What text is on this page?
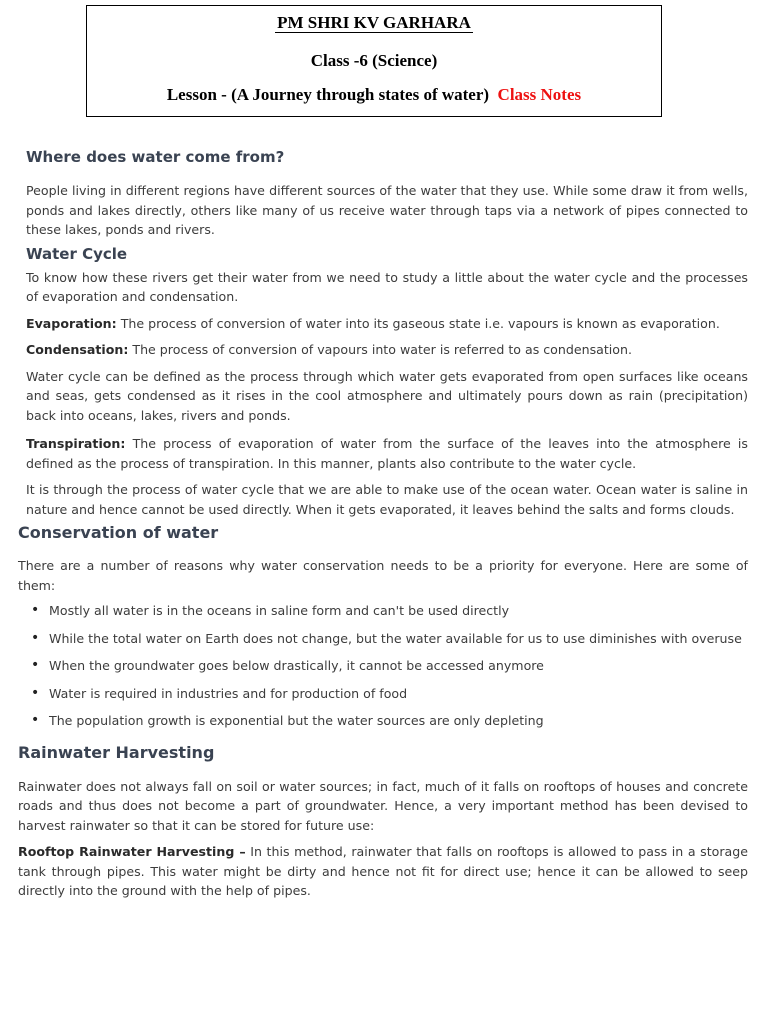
PM SHRI KV GARHARA
Class -6 (Science)
Lesson - (A Journey through states of water) Class Notes
Where does water come from?

People living in different regions have different sources of the water that they use. While some draw it from wells, ponds and lakes directly, others like many of us receive water through taps via a network of pipes connected to these lakes, ponds and rivers.

Water Cycle

To know how these rivers get their water from we need to study a little about the water cycle and the processes of evaporation and condensation.

Evaporation: The process of conversion of water into its gaseous state i.e. vapours is known as evaporation.

Condensation: The process of conversion of vapours into water is referred to as condensation.

Water cycle can be defined as the process through which water gets evaporated from open surfaces like oceans and seas, gets condensed as it rises in the cool atmosphere and ultimately pours down as rain (precipitation) back into oceans, lakes, rivers and ponds.

Transpiration: The process of evaporation of water from the surface of the leaves into the atmosphere is defined as the process of transpiration. In this manner, plants also contribute to the water cycle.

It is through the process of water cycle that we are able to make use of the ocean water. Ocean water is saline in nature and hence cannot be used directly. When it gets evaporated, it leaves behind the salts and forms clouds.

Conservation of water

There are a number of reasons why water conservation needs to be a priority for everyone. Here are some of them:

• Mostly all water is in the oceans in saline form and can't be used directly
• While the total water on Earth does not change, but the water available for us to use diminishes with overuse
• When the groundwater goes below drastically, it cannot be accessed anymore
• Water is required in industries and for production of food
• The population growth is exponential but the water sources are only depleting
Rainwater Harvesting

Rainwater does not always fall on soil or water sources; in fact, much of it falls on rooftops of houses and concrete roads and thus does not become a part of groundwater. Hence, a very important method has been devised to harvest rainwater so that it can be stored for future use:

Rooftop Rainwater Harvesting – In this method, rainwater that falls on rooftops is allowed to pass in a storage tank through pipes. This water might be dirty and hence not fit for direct use; hence it can be allowed to seep directly into the ground with the help of pipes.
